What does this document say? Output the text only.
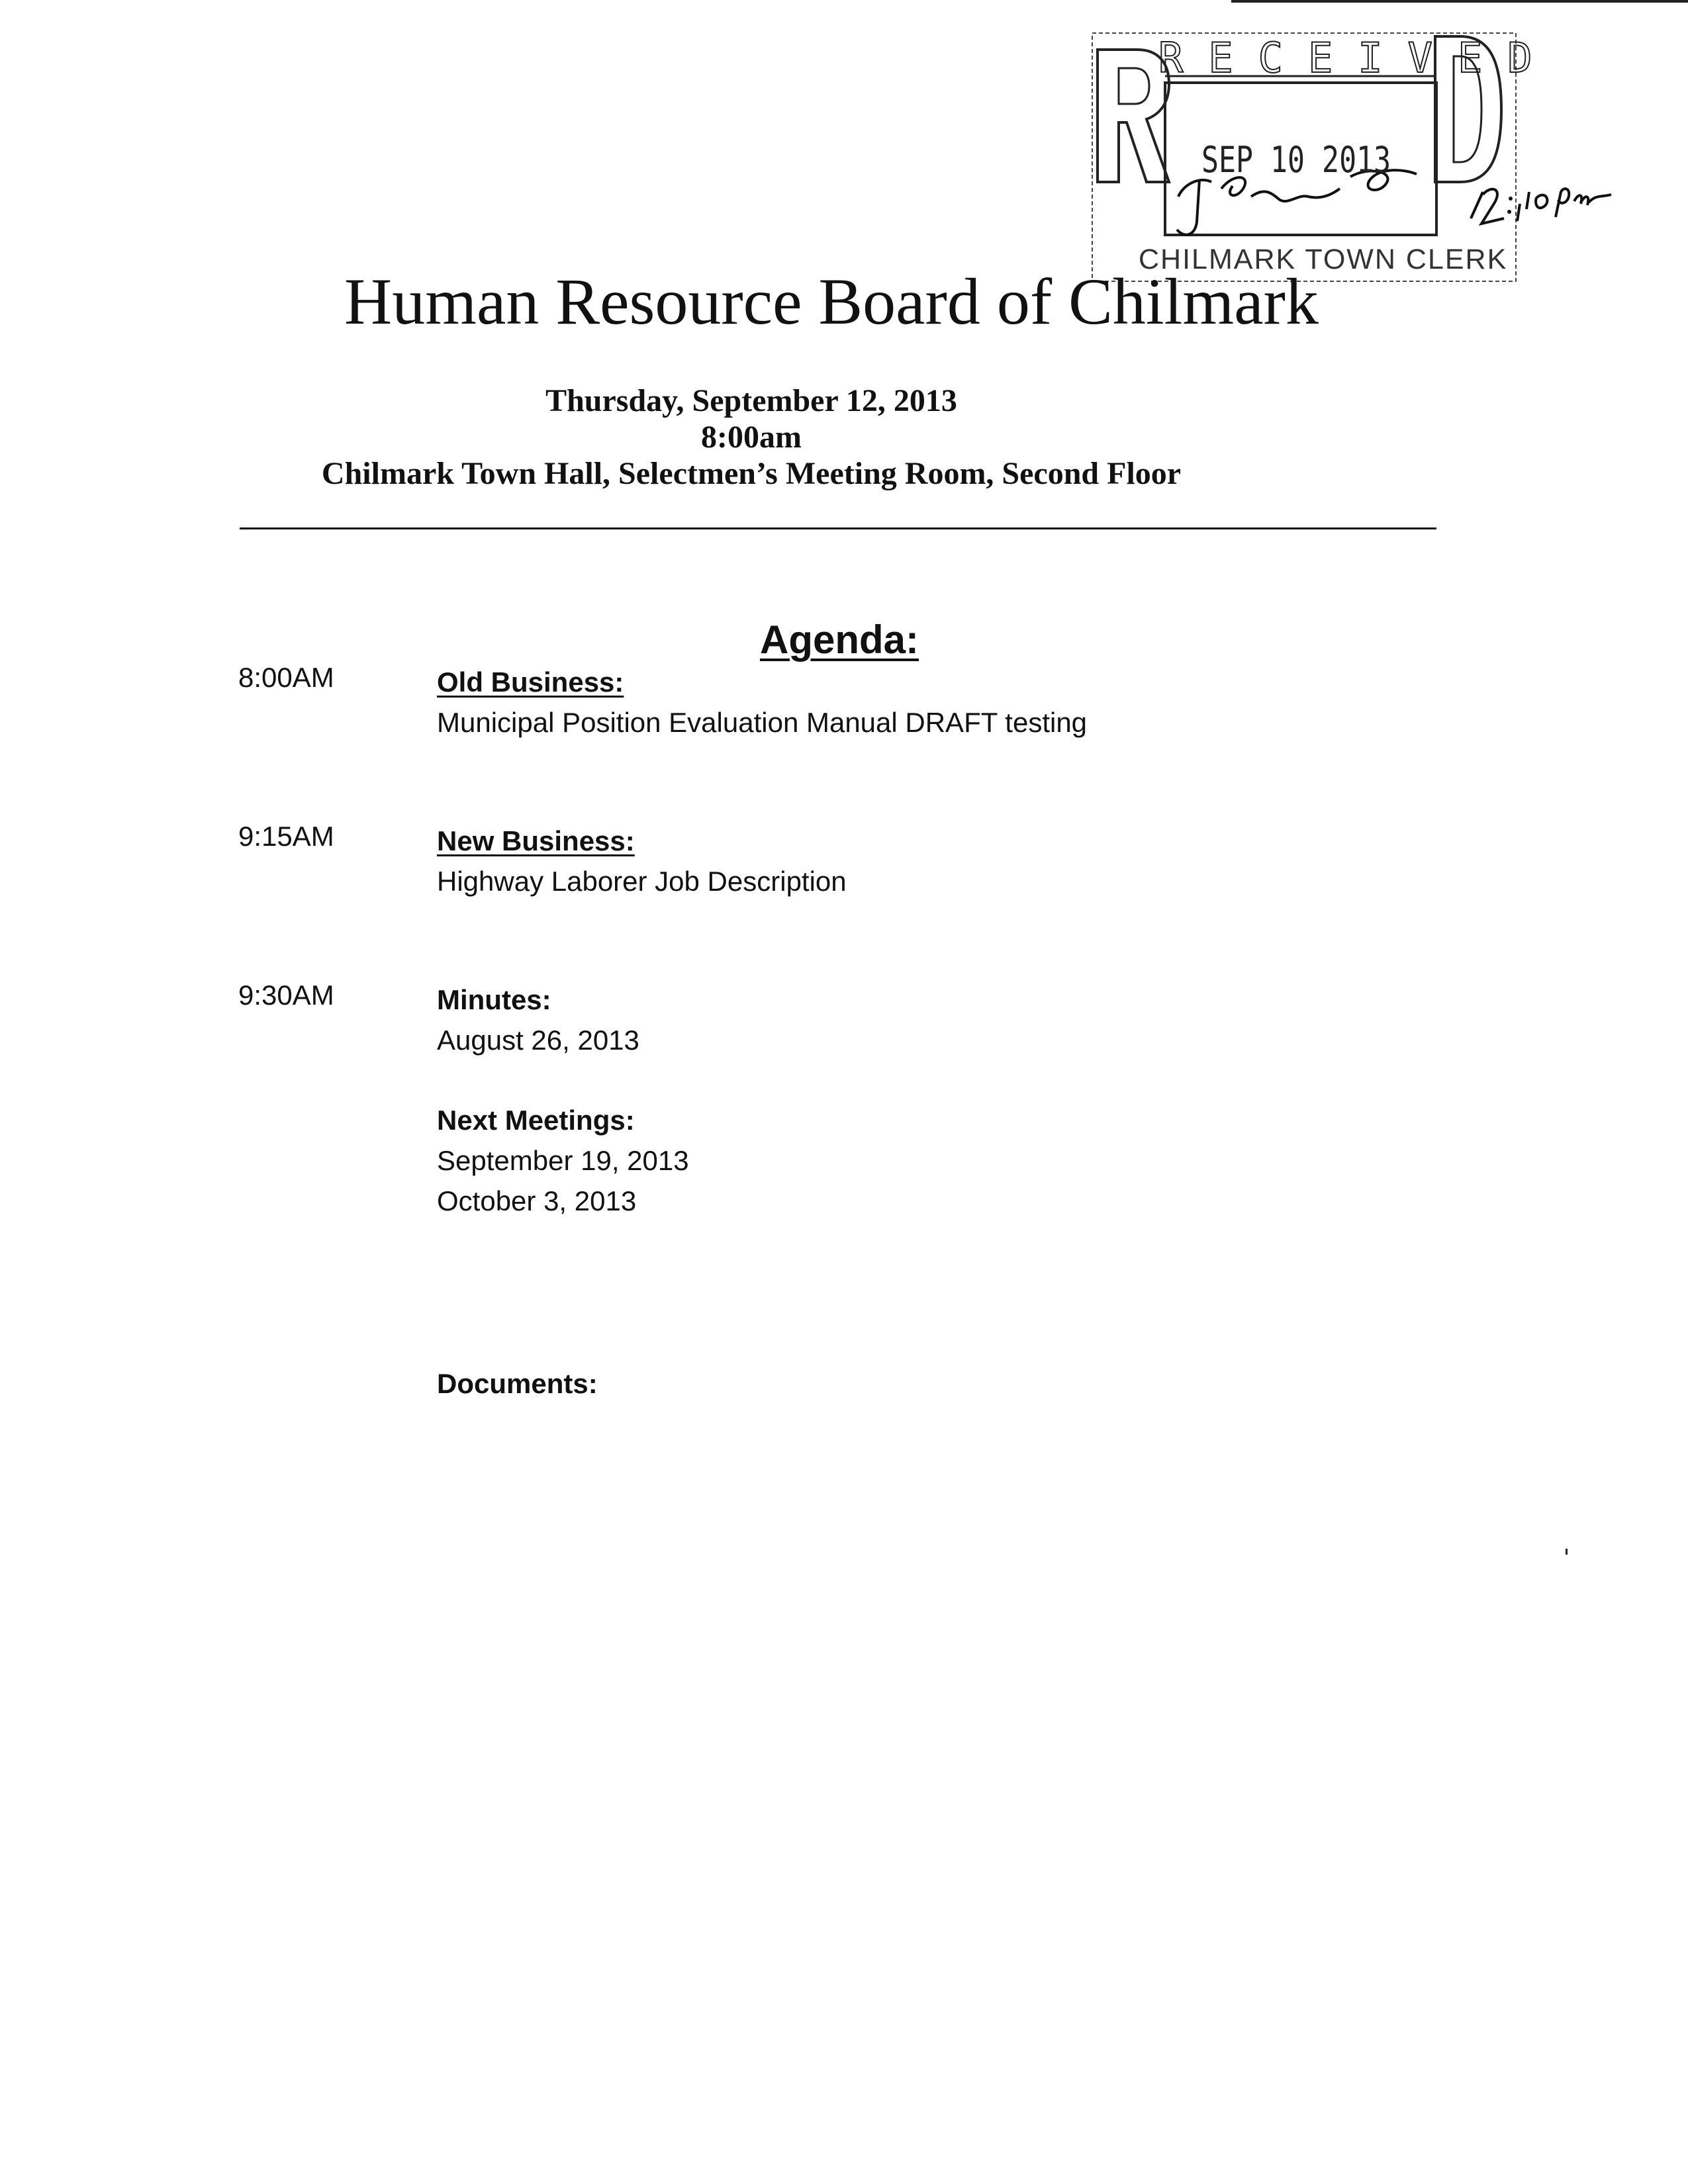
RECEIVED
SEP 10 2013
CHILMARK TOWN CLERK
Human Resource Board of Chilmark
Thursday, September 12, 2013
8:00am
Chilmark Town Hall, Selectmen’s Meeting Room, Second Floor
Agenda:
8:00AM	Old Business:
Municipal Position Evaluation Manual DRAFT testing
9:15AM	New Business:
Highway Laborer Job Description
9:30AM	Minutes:
August 26, 2013
Next Meetings:
September 19, 2013
October 3, 2013
Documents:
